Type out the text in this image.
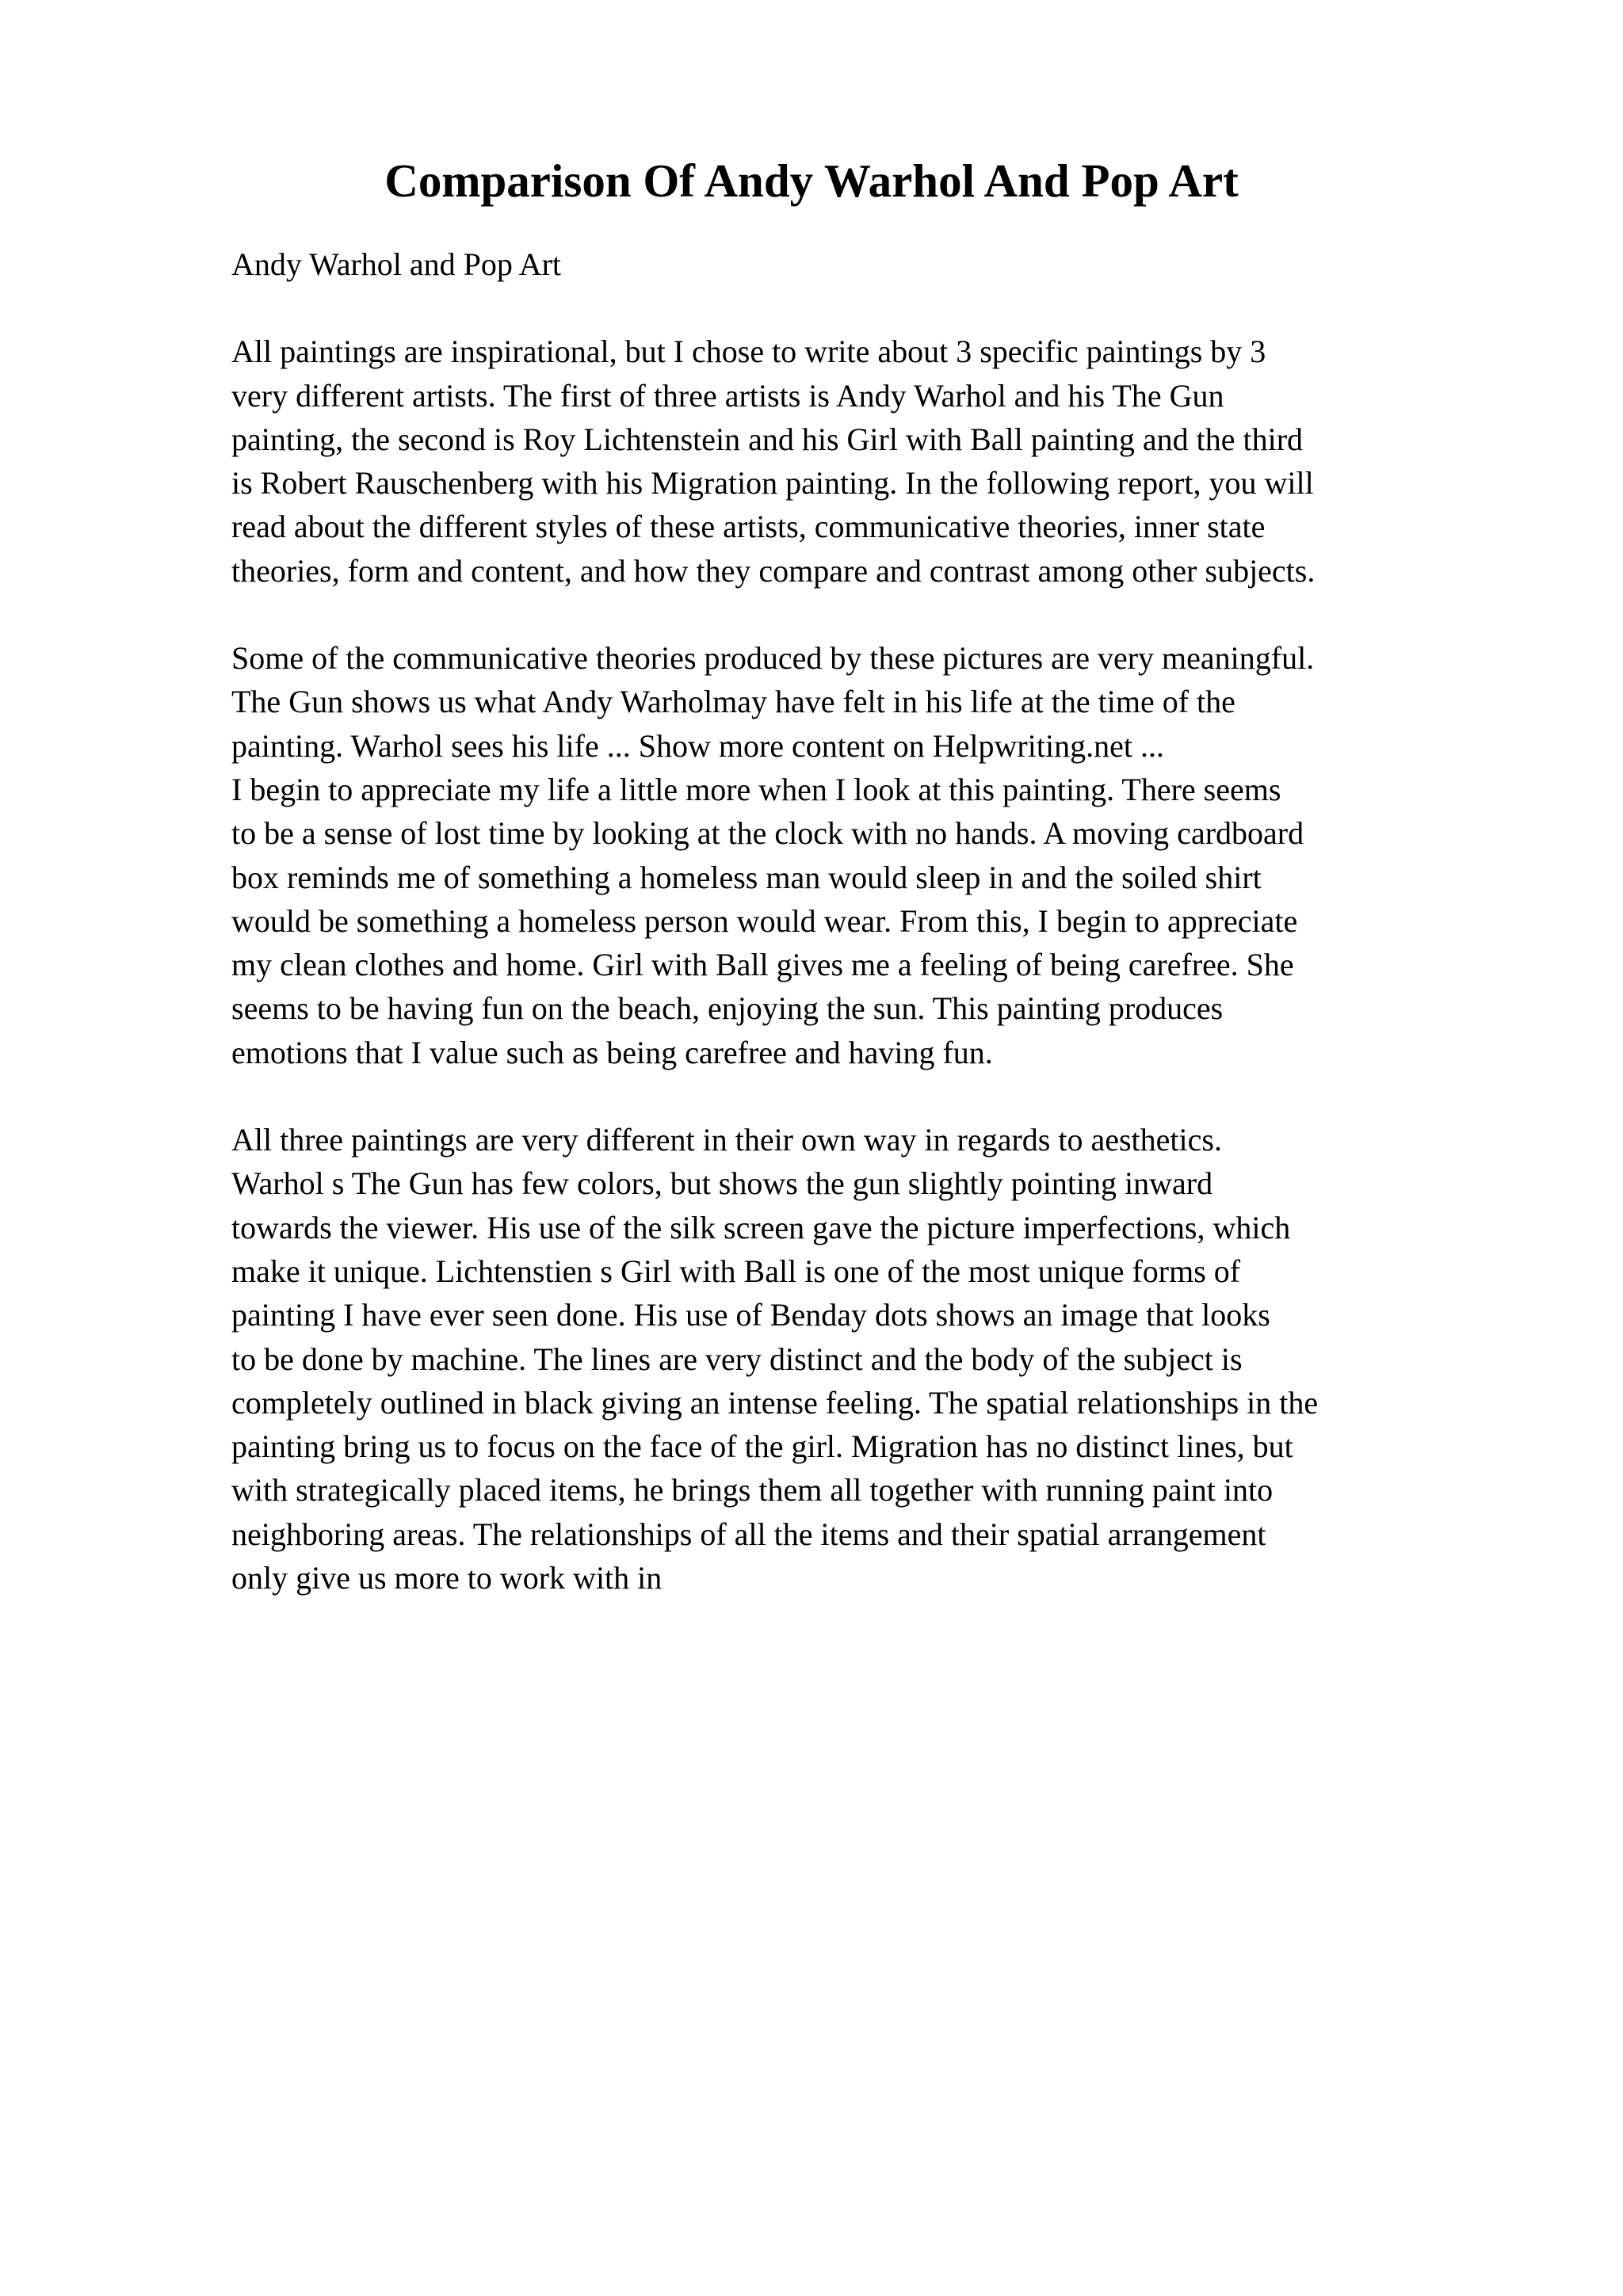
Comparison Of Andy Warhol And Pop Art

Andy Warhol and Pop Art

All paintings are inspirational, but I chose to write about 3 specific paintings by 3
very different artists. The first of three artists is Andy Warhol and his The Gun
painting, the second is Roy Lichtenstein and his Girl with Ball painting and the third
is Robert Rauschenberg with his Migration painting. In the following report, you will
read about the different styles of these artists, communicative theories, inner state
theories, form and content, and how they compare and contrast among other subjects.

Some of the communicative theories produced by these pictures are very meaningful.
The Gun shows us what Andy Warholmay have felt in his life at the time of the
painting. Warhol sees his life ... Show more content on Helpwriting.net ...
I begin to appreciate my life a little more when I look at this painting. There seems
to be a sense of lost time by looking at the clock with no hands. A moving cardboard
box reminds me of something a homeless man would sleep in and the soiled shirt
would be something a homeless person would wear. From this, I begin to appreciate
my clean clothes and home. Girl with Ball gives me a feeling of being carefree. She
seems to be having fun on the beach, enjoying the sun. This painting produces
emotions that I value such as being carefree and having fun.

All three paintings are very different in their own way in regards to aesthetics.
Warhol s The Gun has few colors, but shows the gun slightly pointing inward
towards the viewer. His use of the silk screen gave the picture imperfections, which
make it unique. Lichtenstien s Girl with Ball is one of the most unique forms of
painting I have ever seen done. His use of Benday dots shows an image that looks
to be done by machine. The lines are very distinct and the body of the subject is
completely outlined in black giving an intense feeling. The spatial relationships in the
painting bring us to focus on the face of the girl. Migration has no distinct lines, but
with strategically placed items, he brings them all together with running paint into
neighboring areas. The relationships of all the items and their spatial arrangement
only give us more to work with in
